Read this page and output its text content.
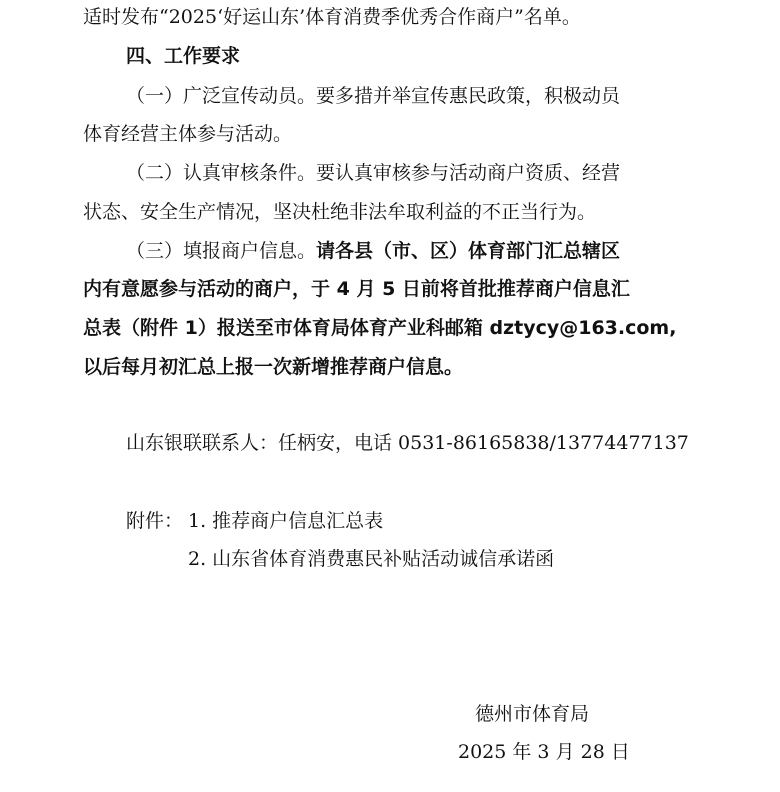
适时发布“2025‘好运山东’体育消费季优秀合作商户”名单。
四、工作要求
（一）广泛宣传动员。要多措并举宣传惠民政策，积极动员
体育经营主体参与活动。
（二）认真审核条件。要认真审核参与活动商户资质、经营
状态、安全生产情况，坚决杜绝非法牟取利益的不正当行为。
（三）填报商户信息。请各县（市、区）体育部门汇总辖区
内有意愿参与活动的商户，于 4 月 5 日前将首批推荐商户信息汇
总表（附件 1）报送至市体育局体育产业科邮箱 dztycy@163.com,
以后每月初汇总上报一次新增推荐商户信息。
山东银联联系人：任柄安，电话 0531-86165838/13774477137
附件： 1. 推荐商户信息汇总表
2. 山东省体育消费惠民补贴活动诚信承诺函
德州市体育局
2025 年 3 月 28 日
